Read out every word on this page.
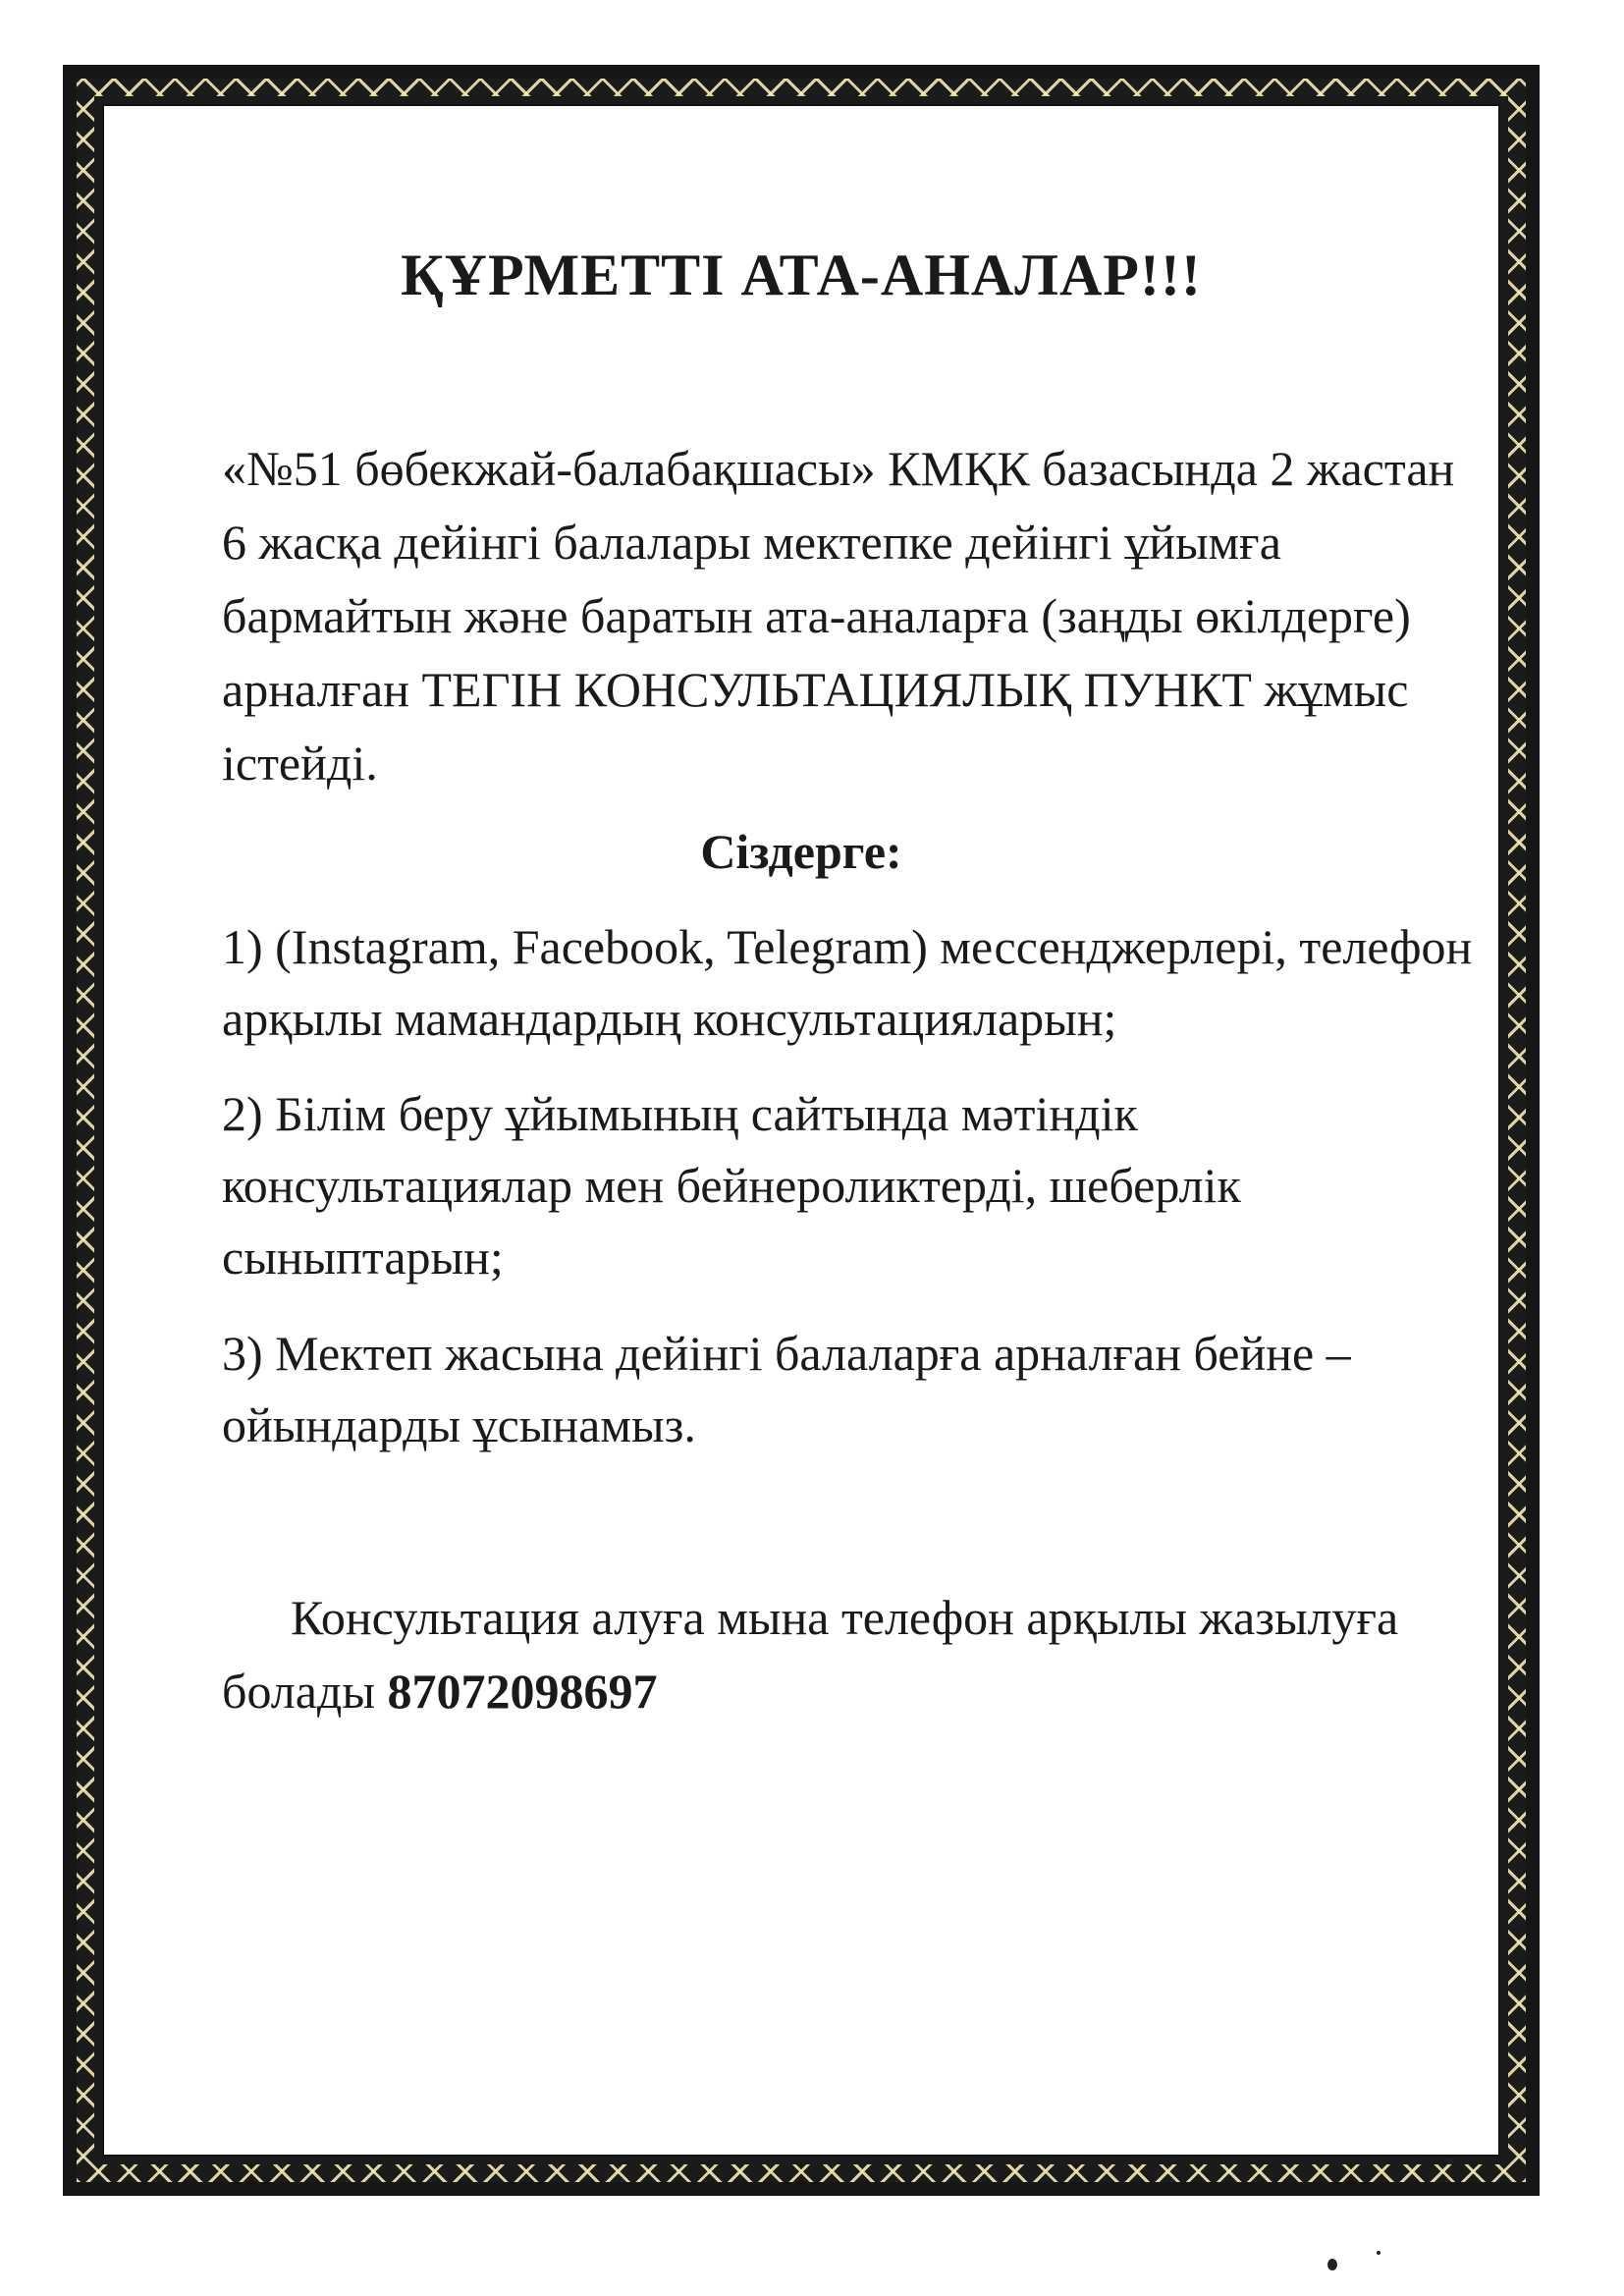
ҚҰРМЕТТІ АТА-АНАЛАР!!!
«№51 бөбекжай-балабақшасы» КМҚК базасында 2 жастан 6 жасқа дейінгі балалары мектепке дейінгі ұйымға бармайтын және баратын ата-аналарға (заңды өкілдерге) арналған ТЕГІН КОНСУЛЬТАЦИЯЛЫҚ ПУНКТ жұмыс істейді.
Сіздерге:
1) (Instagram, Facebook, Telegram) мессенджерлері, телефон арқылы мамандардың консультацияларын;
2) Білім беру ұйымының сайтында мәтіндік консультациялар мен бейнероликтерді, шеберлік сыныптарын;
3) Мектеп жасына дейінгі балаларға арналған бейне – ойындарды ұсынамыз.
Консультация алуға мына телефон арқылы жазылуға болады 87072098697
